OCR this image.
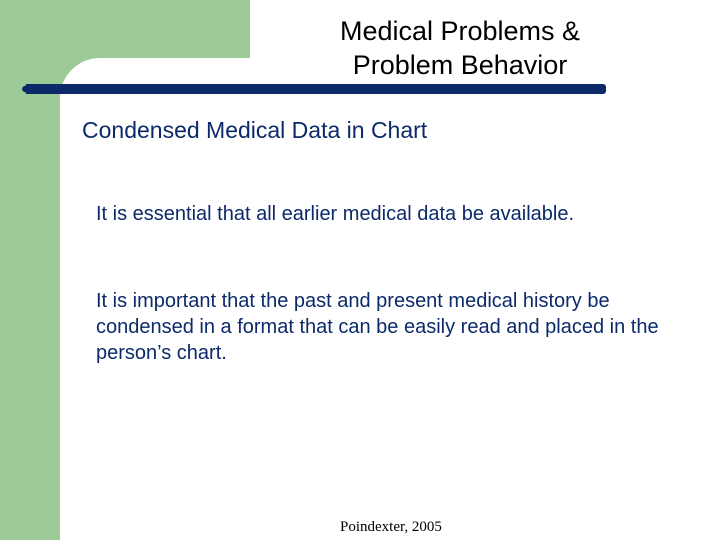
Medical Problems &
Problem Behavior
Condensed Medical Data in Chart
It is essential that all earlier medical data be available.
It is important that the past and present medical history be condensed in a format that can be easily read and placed in the person’s chart.
Poindexter, 2005
